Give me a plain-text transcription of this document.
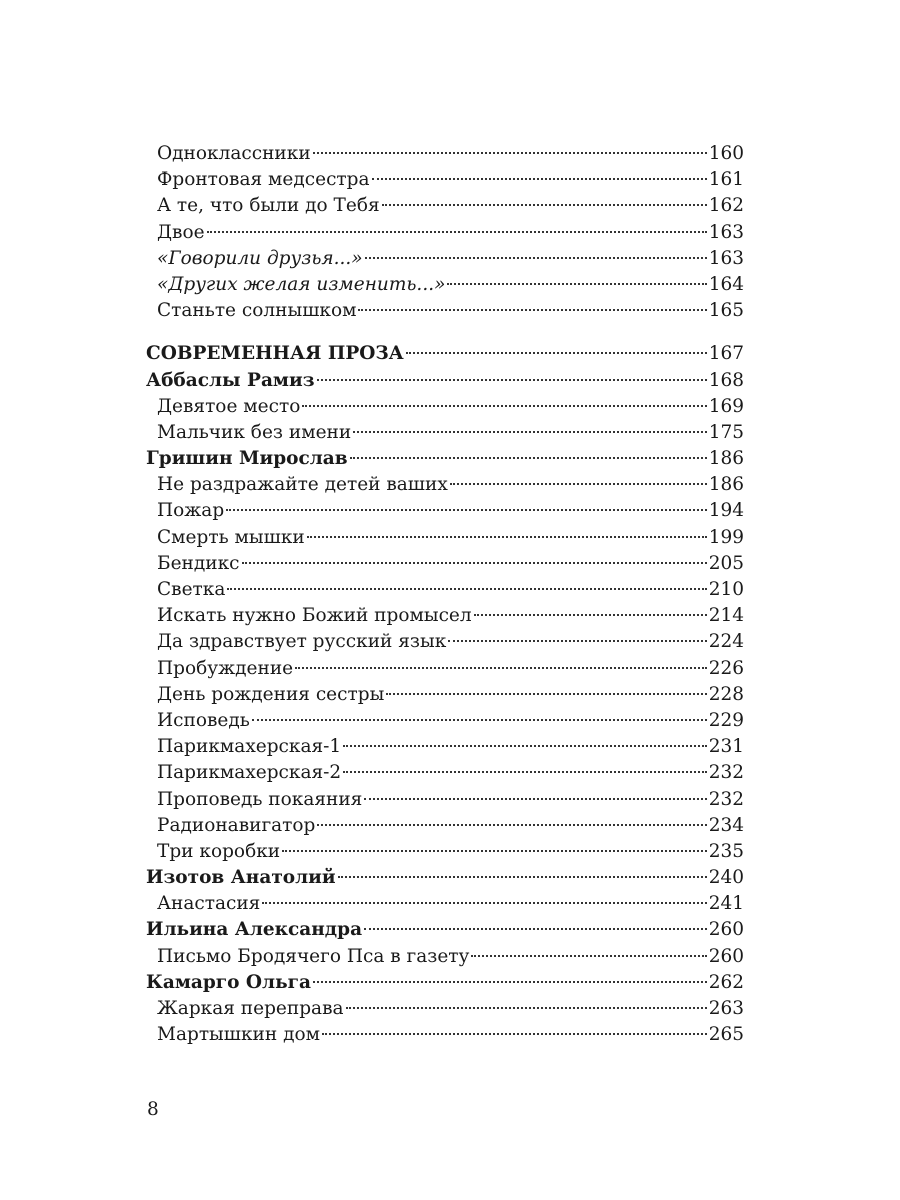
Одноклассники	160
Фронтовая медсестра	161
А те, что были до Тебя	162
Двое	163
«Говорили друзья...»	163
«Других желая изменить...»	164
Станьте солнышком	165
СОВРЕМЕННАЯ ПРОЗА	167
Аббаслы Рамиз	168
Девятое место	169
Мальчик без имени	175
Гришин Мирослав	186
Не раздражайте детей ваших	186
Пожар	194
Смерть мышки	199
Бендикс	205
Светка	210
Искать нужно Божий промысел	214
Да здравствует русский язык	224
Пробуждение	226
День рождения сестры	228
Исповедь	229
Парикмахерская-1	231
Парикмахерская-2	232
Проповедь покаяния	232
Радионавигатор	234
Три коробки	235
Изотов Анатолий	240
Анастасия	241
Ильина Александра	260
Письмо Бродячего Пса в газету	260
Камарго Ольга	262
Жаркая переправа	263
Мартышкин дом	265
8
